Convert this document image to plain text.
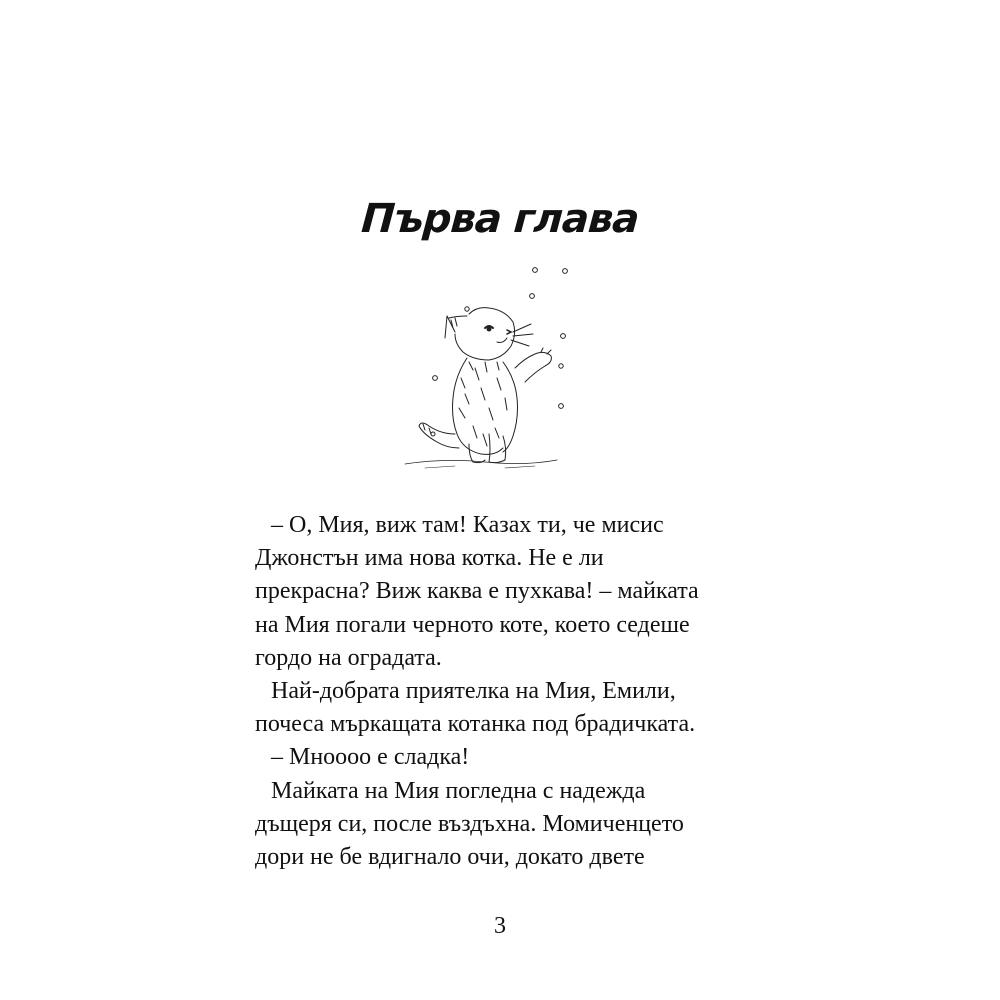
Първа глава
– О, Мия, виж там! Казах ти, че мисис
Джонстън има нова котка. Не е ли
прекрасна? Виж каква е пухкава! – майката
на Мия погали черното коте, което седеше
гордо на оградата.
Най-добрата приятелка на Мия, Емили,
почеса мъркащата котанка под брадичката.
– Мноооо е сладка!
Майката на Мия погледна с надежда
дъщеря си, после въздъхна. Момиченцето
дори не бе вдигнало очи, докато двете
3
